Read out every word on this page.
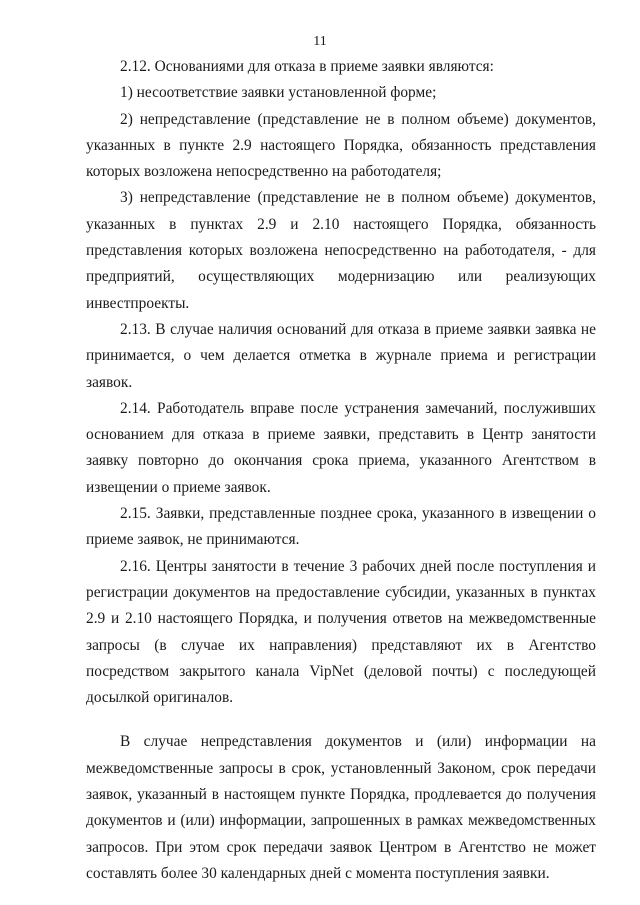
11

2.12. Основаниями для отказа в приеме заявки являются:

1) несоответствие заявки установленной форме;

2) непредставление (представление не в полном объеме) документов, указанных в пункте 2.9 настоящего Порядка, обязанность представления которых возложена непосредственно на работодателя;

3) непредставление (представление не в полном объеме) документов, указанных в пунктах 2.9 и 2.10 настоящего Порядка, обязанность представления которых возложена непосредственно на работодателя, - для предприятий, осуществляющих модернизацию или реализующих инвестпроекты.

2.13. В случае наличия оснований для отказа в приеме заявки заявка не принимается, о чем делается отметка в журнале приема и регистрации заявок.

2.14. Работодатель вправе после устранения замечаний, послуживших основанием для отказа в приеме заявки, представить в Центр занятости заявку повторно до окончания срока приема, указанного Агентством в извещении о приеме заявок.

2.15. Заявки, представленные позднее срока, указанного в извещении о приеме заявок, не принимаются.

2.16. Центры занятости в течение 3 рабочих дней после поступления и регистрации документов на предоставление субсидии, указанных в пунктах 2.9 и 2.10 настоящего Порядка, и получения ответов на межведомственные запросы (в случае их направления) представляют их в Агентство посредством закрытого канала VipNet (деловой почты) с последующей досылкой оригиналов.

В случае непредставления документов и (или) информации на межведомственные запросы в срок, установленный Законом, срок передачи заявок, указанный в настоящем пункте Порядка, продлевается до получения документов и (или) информации, запрошенных в рамках межведомственных запросов. При этом срок передачи заявок Центром в Агентство не может составлять более 30 календарных дней с момента поступления заявки.
